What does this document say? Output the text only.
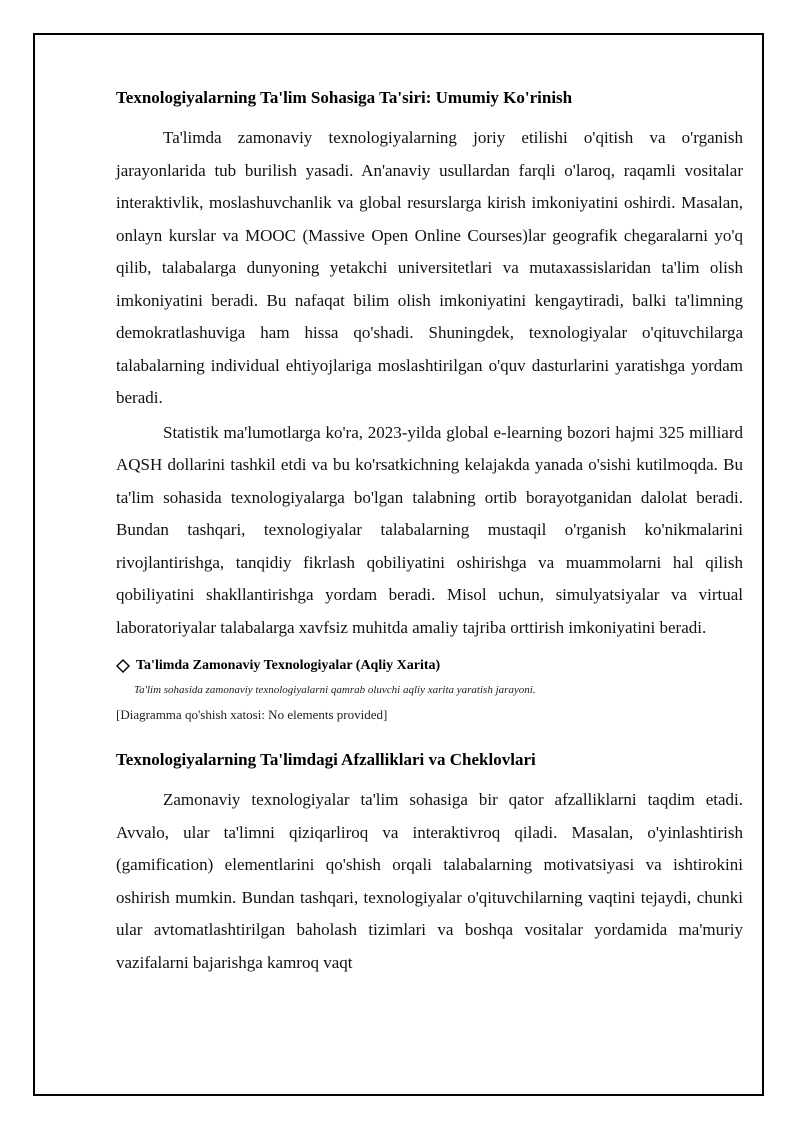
Texnologiyalarning Ta'lim Sohasiga Ta'siri: Umumiy Ko'rinish

Ta'limda zamonaviy texnologiyalarning joriy etilishi o'qitish va o'rganish jarayonlarida tub burilish yasadi. An'anaviy usullardan farqli o'laroq, raqamli vositalar interaktivlik, moslashuvchanlik va global resurslarga kirish imkoniyatini oshirdi. Masalan, onlayn kurslar va MOOC (Massive Open Online Courses)lar geografik chegaralarni yo'q qilib, talabalarga dunyoning yetakchi universitetlari va mutaxassislaridan ta'lim olish imkoniyatini beradi. Bu nafaqat bilim olish imkoniyatini kengaytiradi, balki ta'limning demokratlashuviga ham hissa qo'shadi. Shuningdek, texnologiyalar o'qituvchilarga talabalarning individual ehtiyojlariga moslashtirilgan o'quv dasturlarini yaratishga yordam beradi.

Statistik ma'lumotlarga ko'ra, 2023-yilda global e-learning bozori hajmi 325 milliard AQSH dollarini tashkil etdi va bu ko'rsatkichning kelajakda yanada o'sishi kutilmoqda. Bu ta'lim sohasida texnologiyalarga bo'lgan talabning ortib borayotganidan dalolat beradi. Bundan tashqari, texnologiyalar talabalarning mustaqil o'rganish ko'nikmalarini rivojlantirishga, tanqidiy fikrlash qobiliyatini oshirishga va muammolarni hal qilish qobiliyatini shakllantirishga yordam beradi. Misol uchun, simulyatsiyalar va virtual laboratoriyalar talabalarga xavfsiz muhitda amaliy tajriba orttirish imkoniyatini beradi.

Ta'limda Zamonaviy Texnologiyalar (Aqliy Xarita)
Ta'lim sohasida zamonaviy texnologiyalarni qamrab oluvchi aqliy xarita yaratish jarayoni.
[Diagramma qo'shish xatosi: No elements provided]
Texnologiyalarning Ta'limdagi Afzalliklari va Cheklovlari

Zamonaviy texnologiyalar ta'lim sohasiga bir qator afzalliklarni taqdim etadi. Avvalo, ular ta'limni qiziqarliroq va interaktivroq qiladi. Masalan, o'yinlashtirish (gamification) elementlarini qo'shish orqali talabalarning motivatsiyasi va ishtirokini oshirish mumkin. Bundan tashqari, texnologiyalar o'qituvchilarning vaqtini tejaydi, chunki ular avtomatlashtirilgan baholash tizimlari va boshqa vositalar yordamida ma'muriy vazifalarni bajarishga kamroq vaqt
